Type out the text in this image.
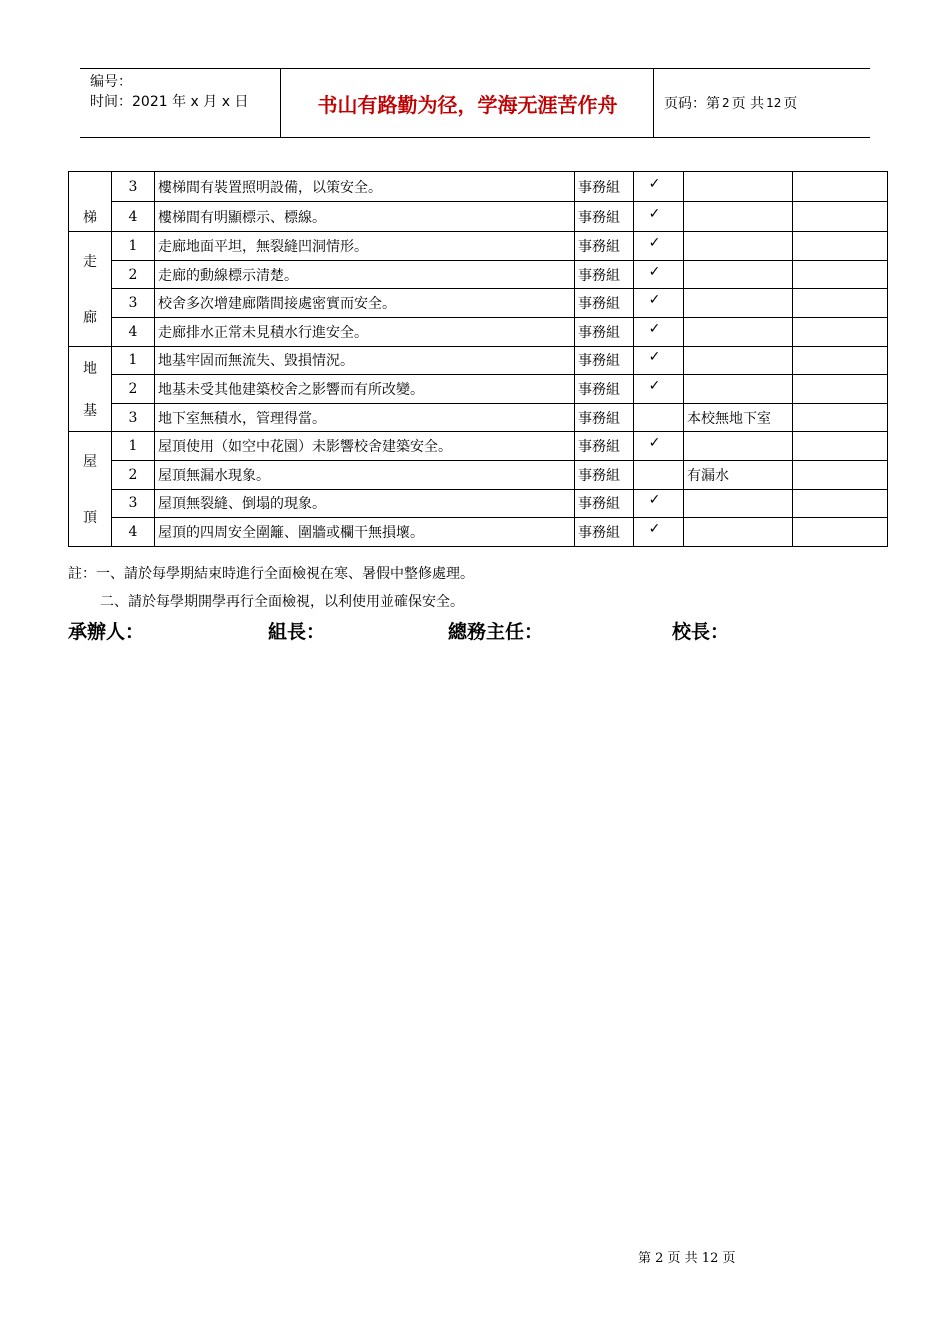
编号：
时间：2021 年 x 月 x 日	书山有路勤为径，学海无涯苦作舟	页码：第 2 页 共 12 页
梯	3	樓梯間有裝置照明設備，以策安全。	事務組	✓		
	4	樓梯間有明顯標示、標線。	事務組	✓		

走
廊	1	走廊地面平坦，無裂縫凹洞情形。	事務組	✓		
	2	走廊的動線標示清楚。	事務組	✓		
	3	校舍多次增建廊階間接處密實而安全。	事務組	✓		
	4	走廊排水正常未見積水行進安全。	事務組	✓		

地
基	1	地基牢固而無流失、毀損情況。	事務組	✓		
	2	地基未受其他建築校舍之影響而有所改變。	事務組	✓		
	3	地下室無積水，管理得當。	事務組		本校無地下室	

屋
頂	1	屋頂使用（如空中花園）未影響校舍建築安全。	事務組	✓		
	2	屋頂無漏水現象。	事務組		有漏水	
	3	屋頂無裂縫、倒塌的現象。	事務組	✓		
	4	屋頂的四周安全圍籬、圍牆或欄干無損壞。	事務組	✓		
註：一、請於每學期結束時進行全面檢視在寒、暑假中整修處理。
二、請於每學期開學再行全面檢視，以利使用並確保安全。
承辦人：	組長：	總務主任：	校長：
第 2 页 共 12 页
